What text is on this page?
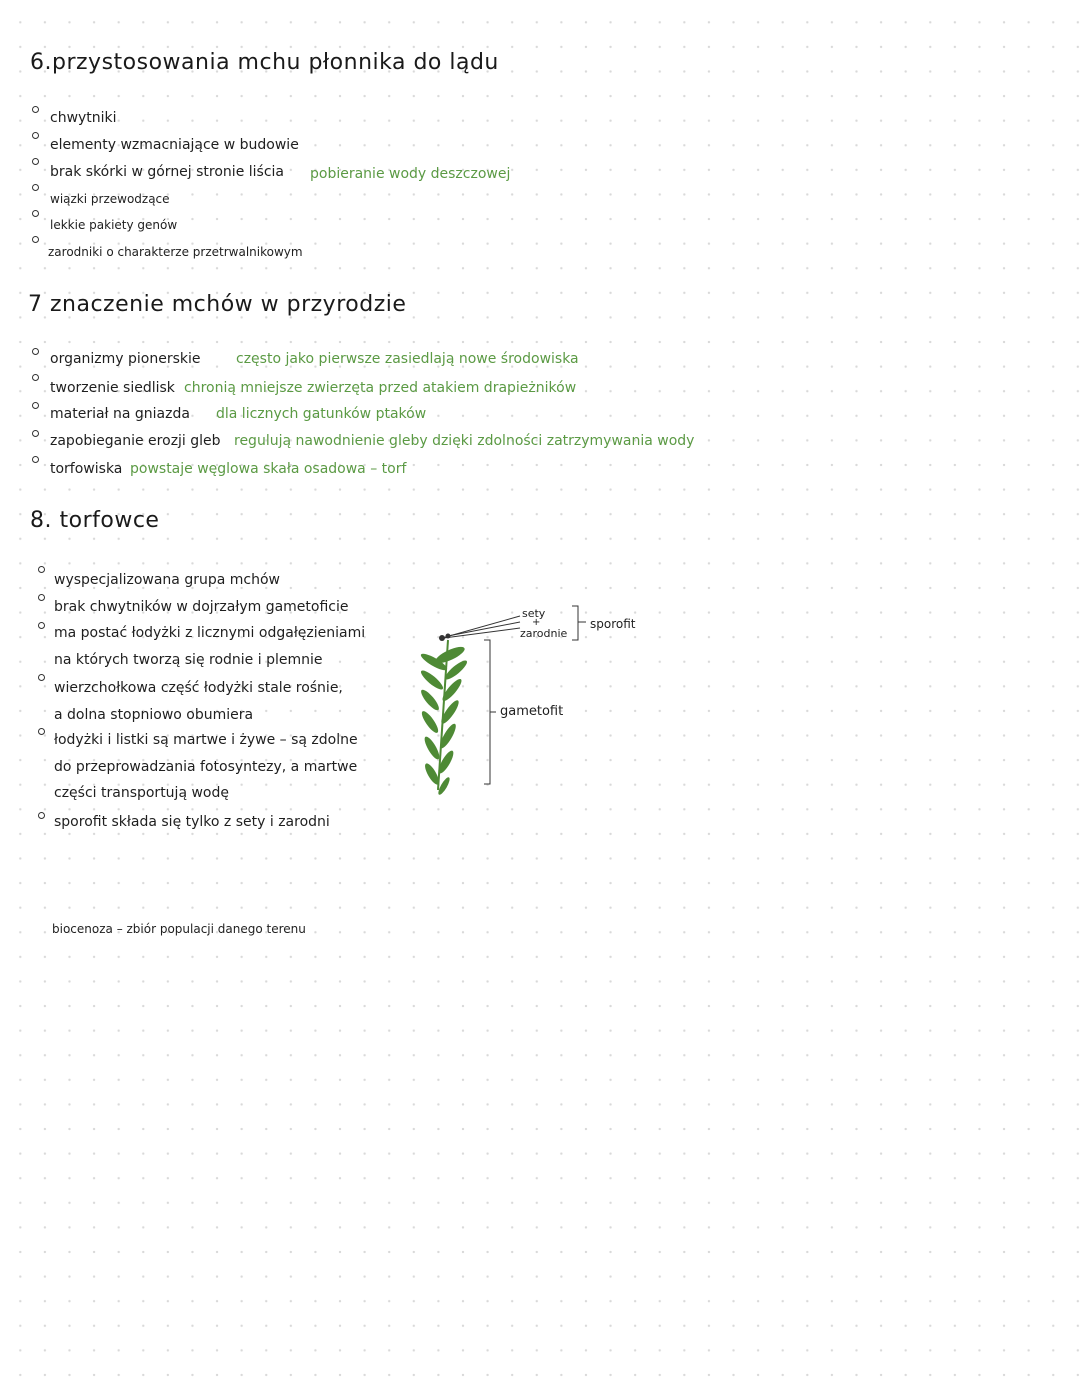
6.przystosowania mchu płonnika do lądu
chwytniki
elementy wzmacniające w budowie
brak skórki w górnej stronie liścia pobieranie wody deszczowej
wiązki przewodzące
lekkie pakiety genów
zarodniki o charakterze przetrwalnikowym
7 znaczenie mchów w przyrodzie
organizmy pionerskie	często jako pierwsze zasiedlają nowe środowiska
tworzenie siedlisk chronią mniejsze zwierzęta przed atakiem drapieżników
materiał na gniazda dla licznych gatunków ptaków
zapobieganie erozji gleb regulują nawodnienie gleby dzięki zdolności zatrzymywania wody
torfowiska powstaje węglowa skała osadowa – torf
8. torfowce
wyspecjalizowana grupa mchów
brak chwytników w dojrzałym gametoficie
ma postać łodyżki z licznymi odgałęzieniami
na których tworzą się rodnie i plemnie
wierzchołkowa część łodyżki stale rośnie,
a dolna stopniowo obumiera
łodyżki i listki są martwe i żywe – są zdolne
do przeprowadzania fotosyntezy, a martwe
części transportują wodę
sporofit składa się tylko z sety i zarodni
sety
+
zarodnie
sporofit
gametofit
biocenoza – zbiór populacji danego terenu
